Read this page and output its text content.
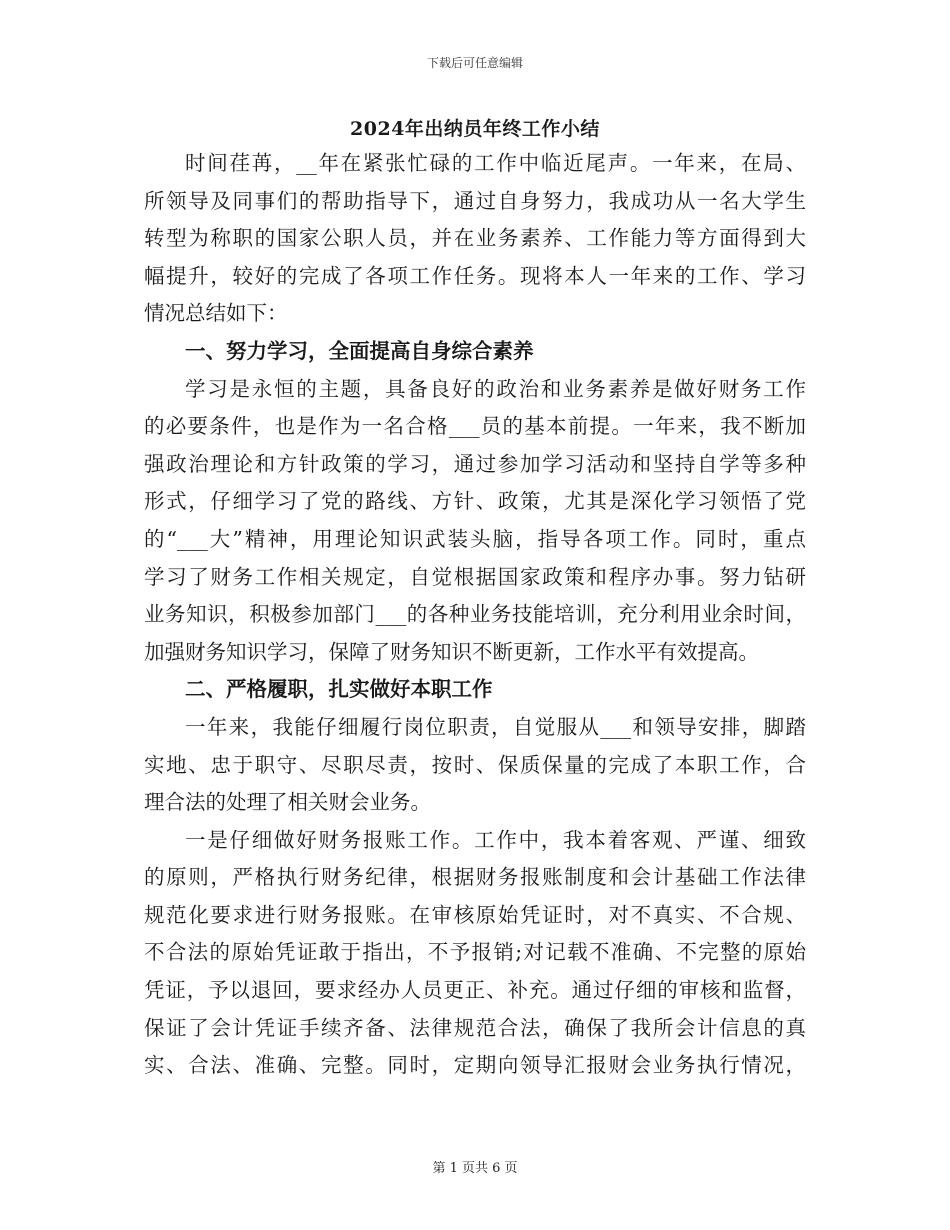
下载后可任意编辑
2024年出纳员年终工作小结
时间荏苒，__年在紧张忙碌的工作中临近尾声。一年来，在局、
所领导及同事们的帮助指导下，通过自身努力，我成功从一名大学生
转型为称职的国家公职人员，并在业务素养、工作能力等方面得到大
幅提升，较好的完成了各项工作任务。现将本人一年来的工作、学习
情况总结如下：
一、努力学习，全面提高自身综合素养
学习是永恒的主题，具备良好的政治和业务素养是做好财务工作
的必要条件，也是作为一名合格___员的基本前提。一年来，我不断加
强政治理论和方针政策的学习，通过参加学习活动和坚持自学等多种
形式，仔细学习了党的路线、方针、政策，尤其是深化学习领悟了党
的“___大”精神，用理论知识武装头脑，指导各项工作。同时，重点
学习了财务工作相关规定，自觉根据国家政策和程序办事。努力钻研
业务知识，积极参加部门___的各种业务技能培训，充分利用业余时间，
加强财务知识学习，保障了财务知识不断更新，工作水平有效提高。
二、严格履职，扎实做好本职工作
一年来，我能仔细履行岗位职责，自觉服从___和领导安排，脚踏
实地、忠于职守、尽职尽责，按时、保质保量的完成了本职工作，合
理合法的处理了相关财会业务。
一是仔细做好财务报账工作。工作中，我本着客观、严谨、细致
的原则，严格执行财务纪律，根据财务报账制度和会计基础工作法律
规范化要求进行财务报账。在审核原始凭证时，对不真实、不合规、
不合法的原始凭证敢于指出，不予报销;对记载不准确、不完整的原始
凭证，予以退回，要求经办人员更正、补充。通过仔细的审核和监督，
保证了会计凭证手续齐备、法律规范合法，确保了我所会计信息的真
实、合法、准确、完整。同时，定期向领导汇报财会业务执行情况，
第 1 页共 6 页
